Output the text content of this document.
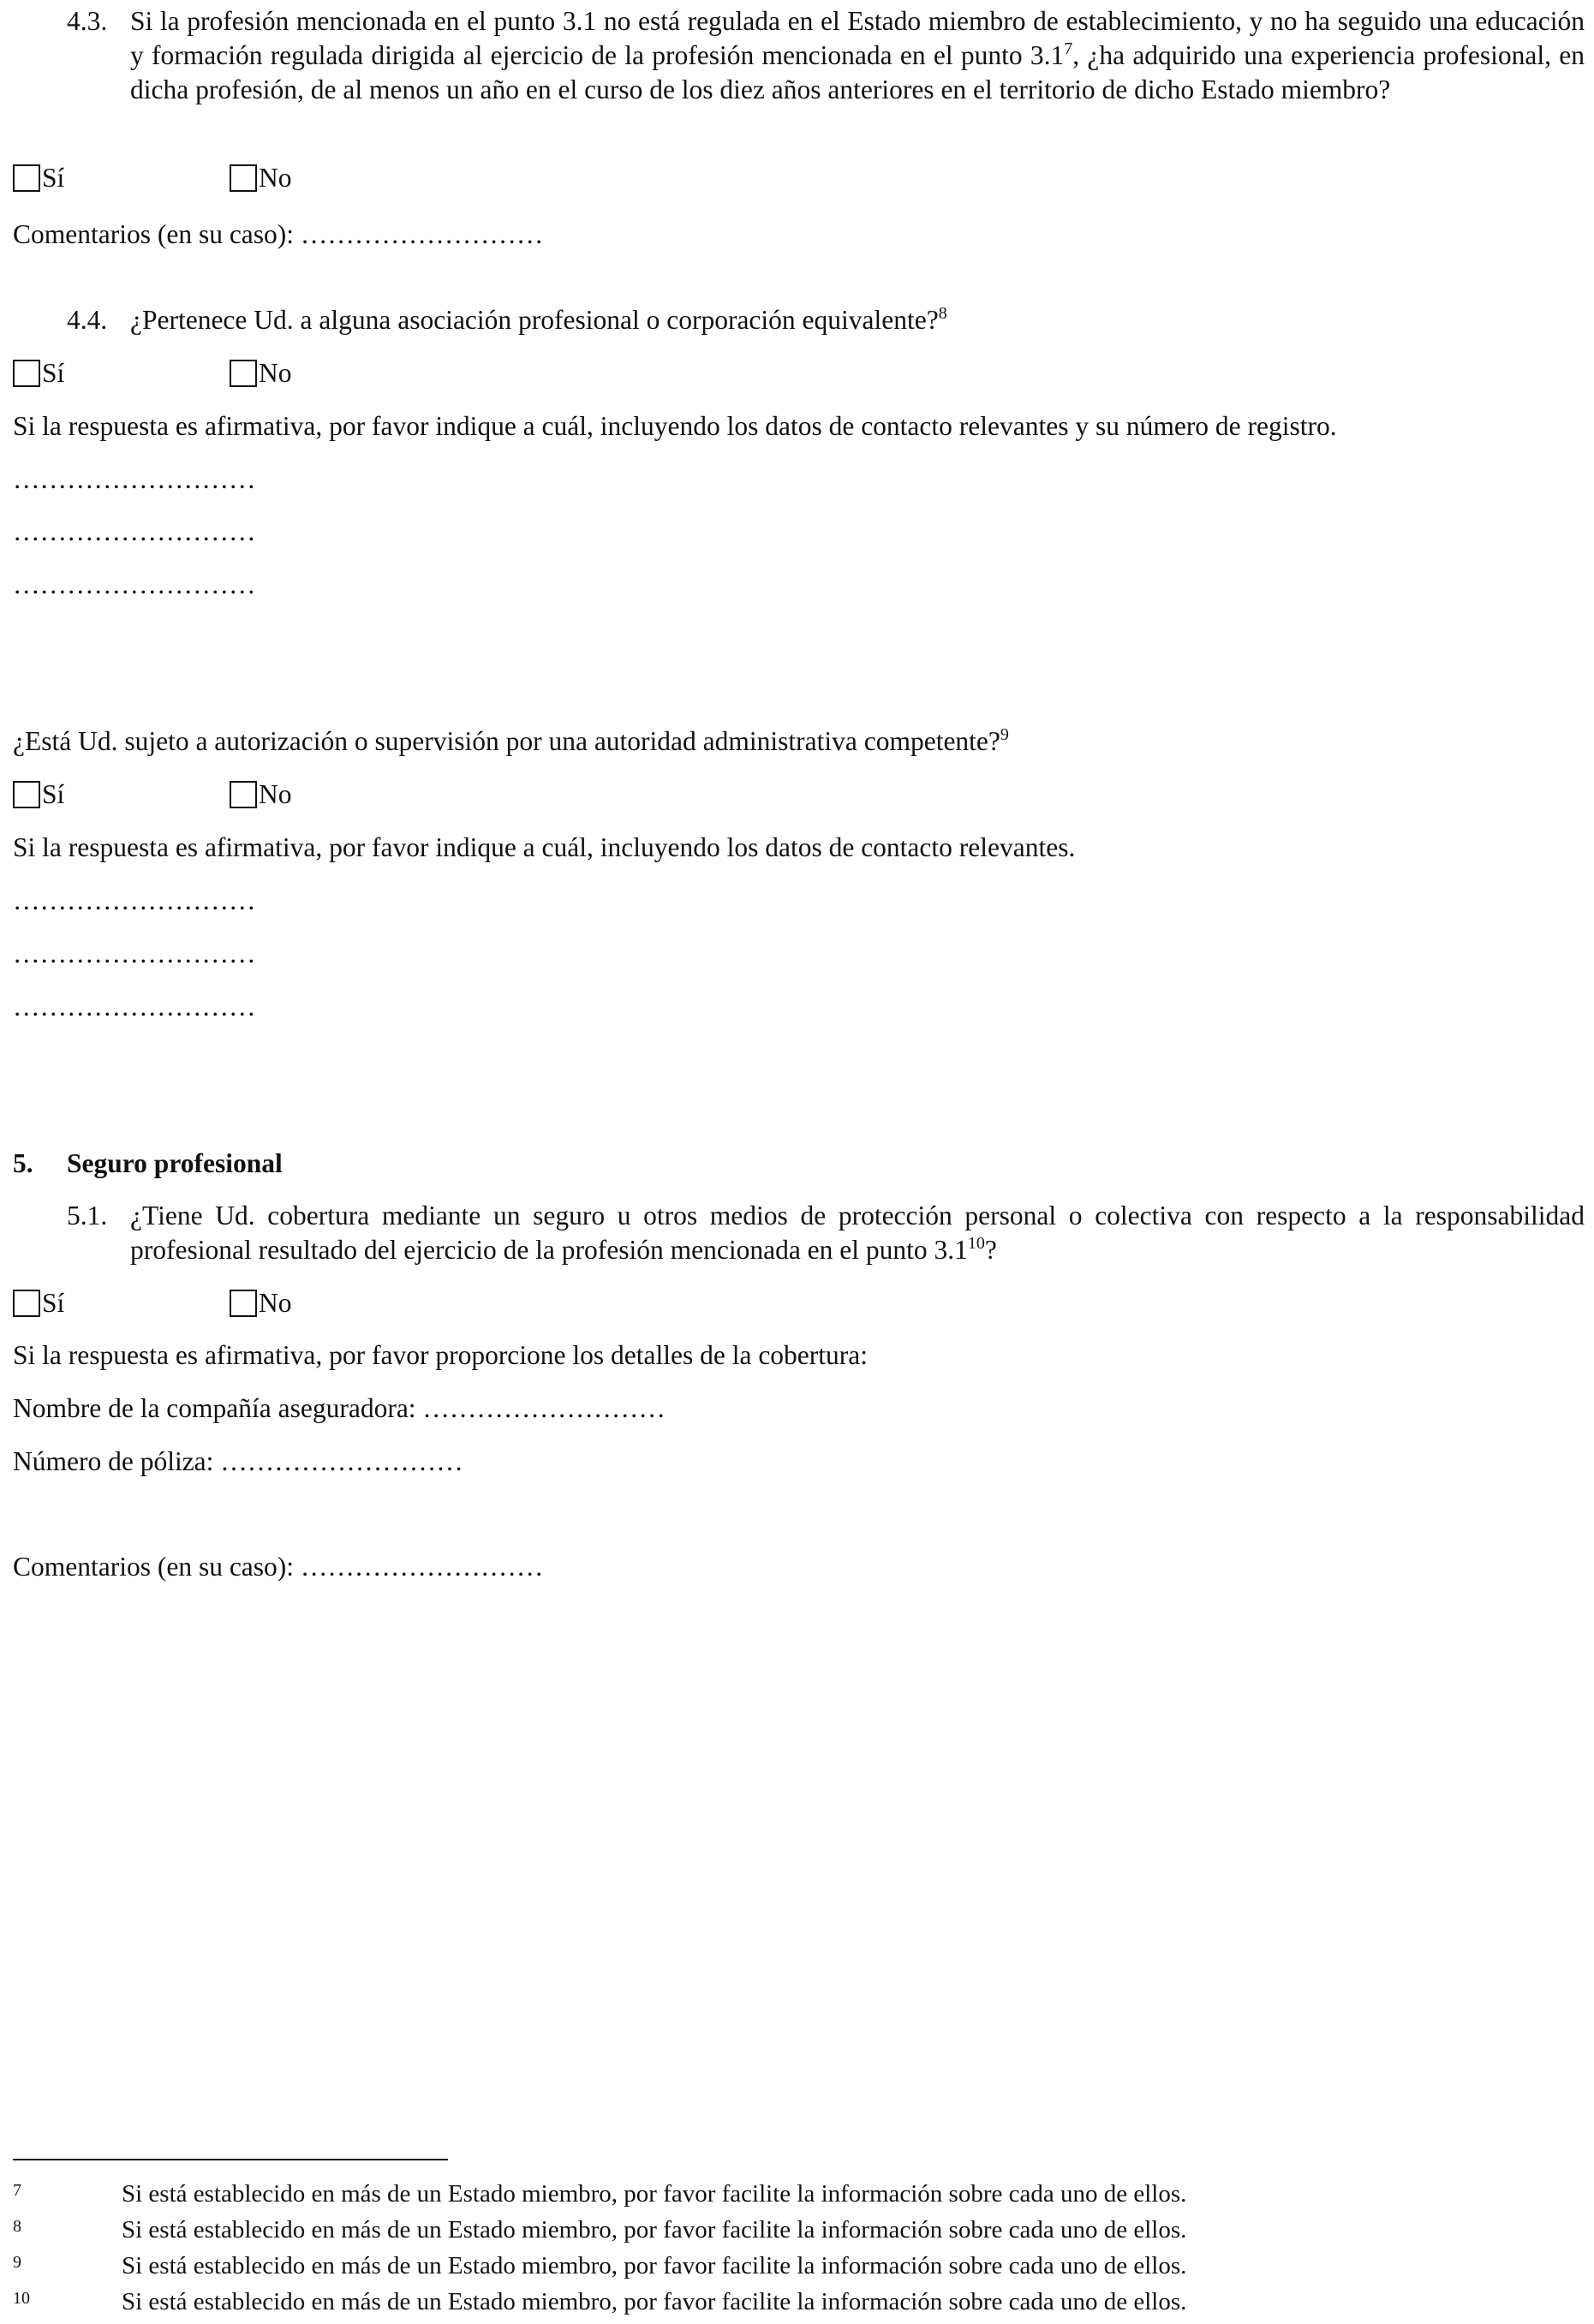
4.3. Si la profesión mencionada en el punto 3.1 no está regulada en el Estado miembro de establecimiento, y no ha seguido una educación y formación regulada dirigida al ejercicio de la profesión mencionada en el punto $3.1^7$, ¿ha adquirido una experiencia profesional, en dicha profesión, de al menos un año en el curso de los diez años anteriores en el territorio de dicho Estado miembro?
Sí	No
Comentarios (en su caso): ………………………
4.4. ¿Pertenece Ud. a alguna asociación profesional o corporación equivalente?$^8$
Sí	No
Si la respuesta es afirmativa, por favor indique a cuál, incluyendo los datos de contacto relevantes y su número de registro.
………………………
………………………
………………………
¿Está Ud. sujeto a autorización o supervisión por una autoridad administrativa competente?$^9$
Sí	No
Si la respuesta es afirmativa, por favor indique a cuál, incluyendo los datos de contacto relevantes.
………………………
………………………
………………………
5. Seguro profesional
5.1. ¿Tiene Ud. cobertura mediante un seguro u otros medios de protección personal o colectiva con respecto a la responsabilidad profesional resultado del ejercicio de la profesión mencionada en el punto $3.1^{10}$?
Sí	No
Si la respuesta es afirmativa, por favor proporcione los detalles de la cobertura:
Nombre de la compañía aseguradora: ………………………
Número de póliza: ………………………
Comentarios (en su caso): ………………………
7	Si está establecido en más de un Estado miembro, por favor facilite la información sobre cada uno de ellos.
8	Si está establecido en más de un Estado miembro, por favor facilite la información sobre cada uno de ellos.
9	Si está establecido en más de un Estado miembro, por favor facilite la información sobre cada uno de ellos.
10	Si está establecido en más de un Estado miembro, por favor facilite la información sobre cada uno de ellos.
